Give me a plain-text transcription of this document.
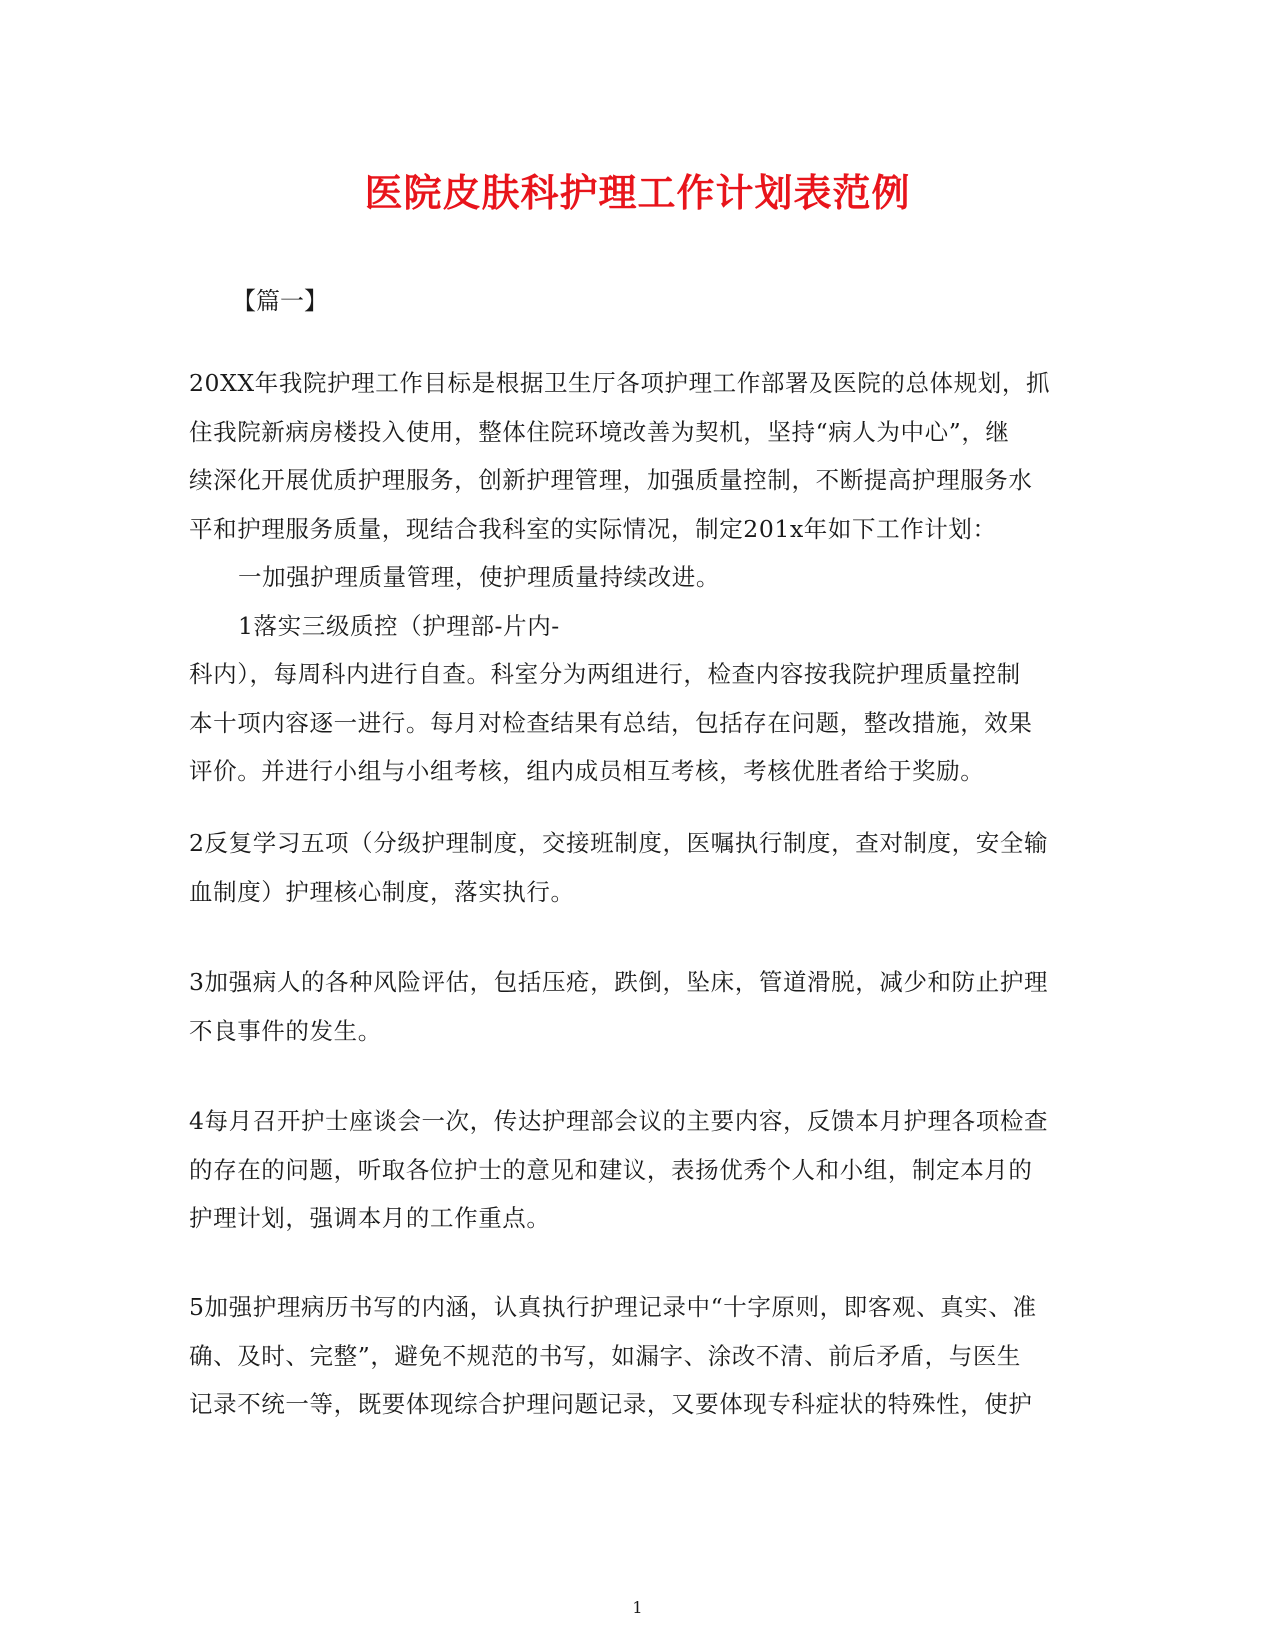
医院皮肤科护理工作计划表范例
【篇一】
20XX年我院护理工作目标是根据卫生厅各项护理工作部署及医院的总体规划，抓
住我院新病房楼投入使用，整体住院环境改善为契机，坚持“病人为中心”，继
续深化开展优质护理服务，创新护理管理，加强质量控制，不断提高护理服务水
平和护理服务质量，现结合我科室的实际情况，制定201x年如下工作计划：
一加强护理质量管理，使护理质量持续改进。
1落实三级质控（护理部-片内-
科内），每周科内进行自查。科室分为两组进行，检查内容按我院护理质量控制
本十项内容逐一进行。每月对检查结果有总结，包括存在问题，整改措施，效果
评价。并进行小组与小组考核，组内成员相互考核，考核优胜者给于奖励。
2反复学习五项（分级护理制度，交接班制度，医嘱执行制度，查对制度，安全输
血制度）护理核心制度，落实执行。
3加强病人的各种风险评估，包括压疮，跌倒，坠床，管道滑脱，减少和防止护理
不良事件的发生。
4每月召开护士座谈会一次，传达护理部会议的主要内容，反馈本月护理各项检查
的存在的问题，听取各位护士的意见和建议，表扬优秀个人和小组，制定本月的
护理计划，强调本月的工作重点。
5加强护理病历书写的内涵，认真执行护理记录中“十字原则，即客观、真实、准
确、及时、完整”，避免不规范的书写，如漏字、涂改不清、前后矛盾，与医生
记录不统一等，既要体现综合护理问题记录，又要体现专科症状的特殊性，使护
1
